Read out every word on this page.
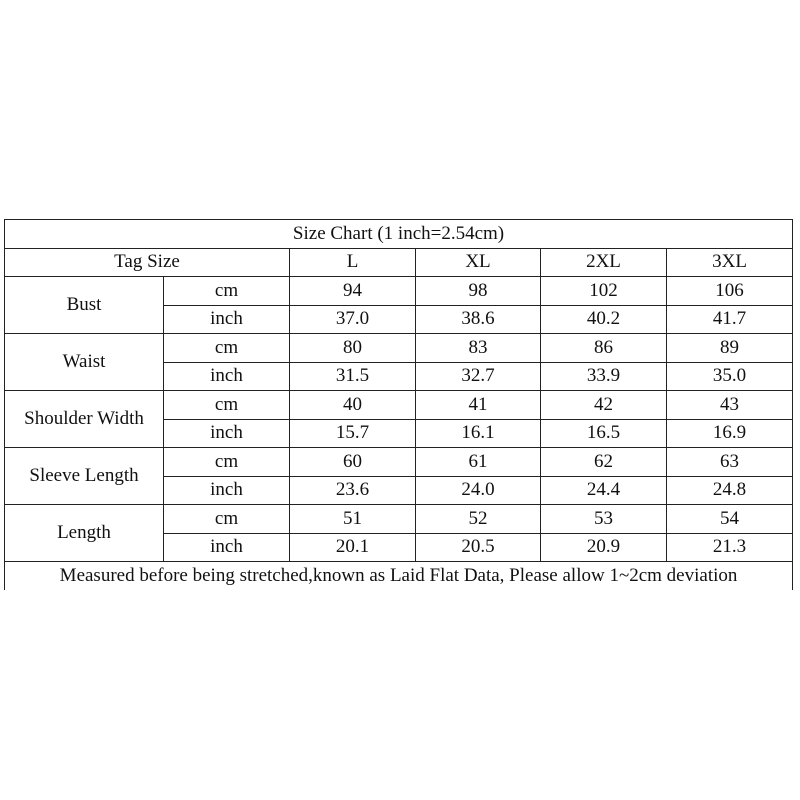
Size Chart (1 inch=2.54cm)					
Tag Size		L	XL	2XL	3XL
Bust	cm	94	98	102	106
	inch	37.0	38.6	40.2	41.7
Waist	cm	80	83	86	89
	inch	31.5	32.7	33.9	35.0
Shoulder Width	cm	40	41	42	43
	inch	15.7	16.1	16.5	16.9
Sleeve Length	cm	60	61	62	63
	inch	23.6	24.0	24.4	24.8
Length	cm	51	52	53	54
	inch	20.1	20.5	20.9	21.3
Measured before being stretched,known as Laid Flat Data, Please allow 1~2cm deviation					
